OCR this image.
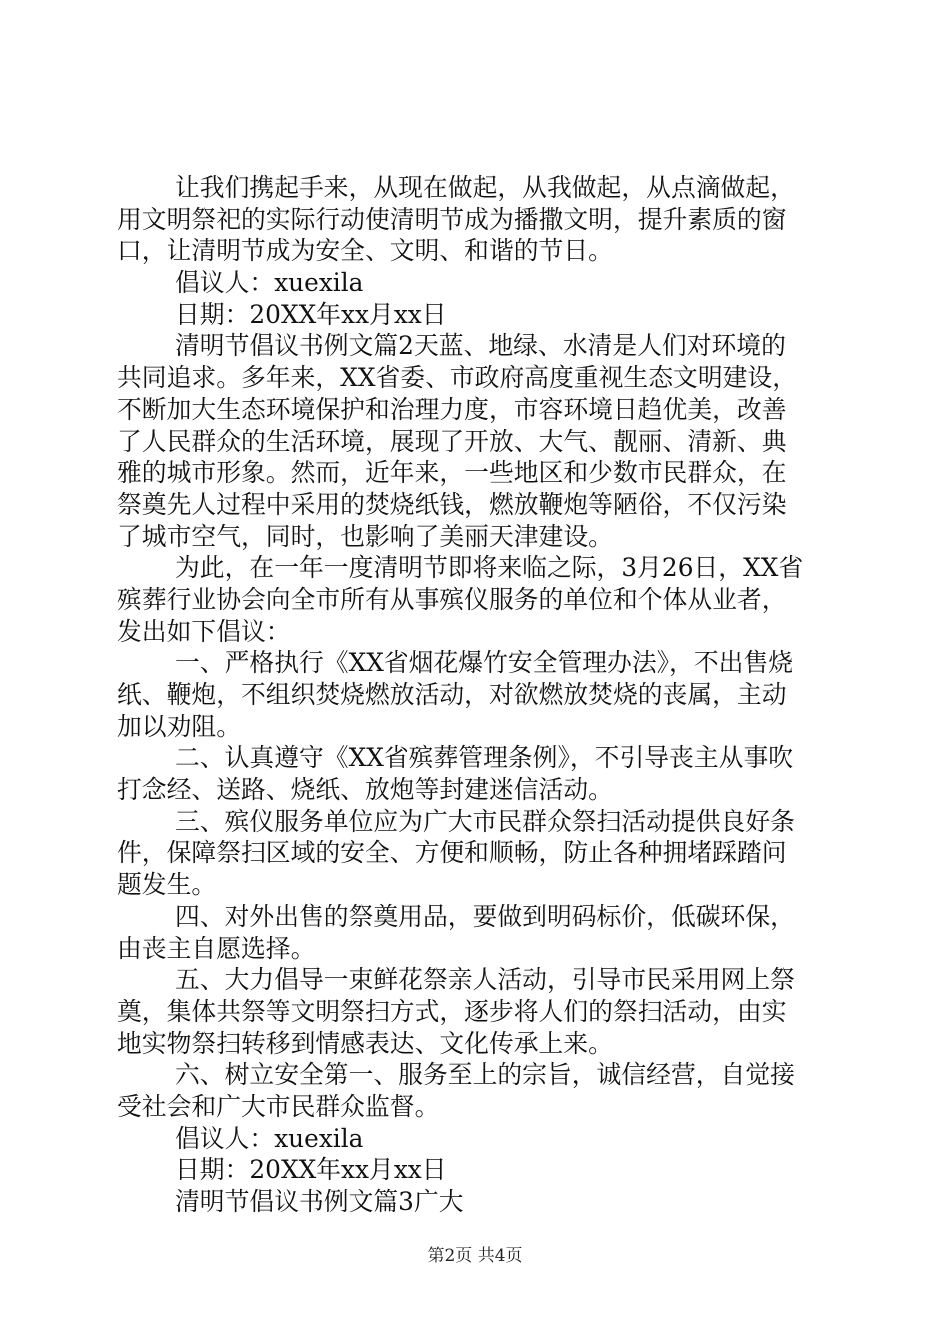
让我们携起手来，从现在做起，从我做起，从点滴做起，
用文明祭祀的实际行动使清明节成为播撒文明，提升素质的窗
口，让清明节成为安全、文明、和谐的节日。
倡议人：xuexila
日期：20XX年xx月xx日
清明节倡议书例文篇2天蓝、地绿、水清是人们对环境的
共同追求。多年来，XX省委、市政府高度重视生态文明建设，
不断加大生态环境保护和治理力度，市容环境日趋优美，改善
了人民群众的生活环境，展现了开放、大气、靓丽、清新、典
雅的城市形象。然而，近年来，一些地区和少数市民群众，在
祭奠先人过程中采用的焚烧纸钱，燃放鞭炮等陋俗，不仅污染
了城市空气，同时，也影响了美丽天津建设。
为此，在一年一度清明节即将来临之际，3月26日，XX省
殡葬行业协会向全市所有从事殡仪服务的单位和个体从业者，
发出如下倡议：
一、严格执行《XX省烟花爆竹安全管理办法》，不出售烧
纸、鞭炮，不组织焚烧燃放活动，对欲燃放焚烧的丧属，主动
加以劝阻。
二、认真遵守《XX省殡葬管理条例》，不引导丧主从事吹
打念经、送路、烧纸、放炮等封建迷信活动。
三、殡仪服务单位应为广大市民群众祭扫活动提供良好条
件，保障祭扫区域的安全、方便和顺畅，防止各种拥堵踩踏问
题发生。
四、对外出售的祭奠用品，要做到明码标价，低碳环保，
由丧主自愿选择。
五、大力倡导一束鲜花祭亲人活动，引导市民采用网上祭
奠，集体共祭等文明祭扫方式，逐步将人们的祭扫活动，由实
地实物祭扫转移到情感表达、文化传承上来。
六、树立安全第一、服务至上的宗旨，诚信经营，自觉接
受社会和广大市民群众监督。
倡议人：xuexila
日期：20XX年xx月xx日
清明节倡议书例文篇3广大
第2页 共4页
